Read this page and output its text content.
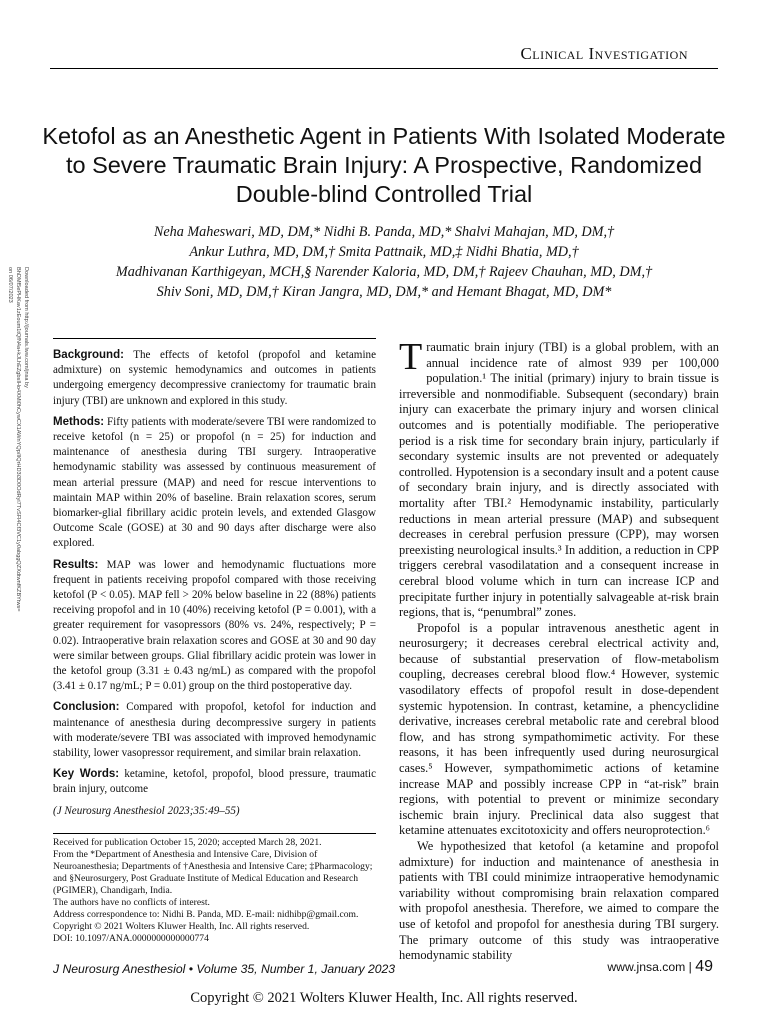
Clinical Investigation
Ketofol as an Anesthetic Agent in Patients With Isolated Moderate to Severe Traumatic Brain Injury: A Prospective, Randomized Double-blind Controlled Trial
Neha Maheswari, MD, DM,* Nidhi B. Panda, MD,* Shalvi Mahajan, MD, DM,†
Ankur Luthra, MD, DM,† Smita Pattnaik, MD,‡ Nidhi Bhatia, MD,†
Madhivanan Karthigeyan, MCH,§ Narender Kaloria, MD, DM,† Rajeev Chauhan, MD, DM,†
Shiv Soni, MD, DM,† Kiran Jangra, MD, DM,* and Hemant Bhagat, MD, DM*
Downloaded from http://journals.lww.com/jnsa by BhDMf5ePHKav1zEoum1tQfN4a+kJLhEZgbsIHo4XMi0hCywCX1AWnYQp/IlQrHD3i3D0OdRyi7TvSFl4Cf3VC1y0abggQZXdtwnfKZBYtws= on 06/07/2023

Background: The effects of ketofol (propofol and ketamine admixture) on systemic hemodynamics and outcomes in patients undergoing emergency decompressive craniectomy for traumatic brain injury (TBI) are unknown and explored in this study.

Methods: Fifty patients with moderate/severe TBI were randomized to receive ketofol (n = 25) or propofol (n = 25) for induction and maintenance of anesthesia during TBI surgery. Intraoperative hemodynamic stability was assessed by continuous measurement of mean arterial pressure (MAP) and need for rescue interventions to maintain MAP within 20% of baseline. Brain relaxation scores, serum biomarker-glial fibrillary acidic protein levels, and extended Glasgow Outcome Scale (GOSE) at 30 and 90 days after discharge were also explored.

Results: MAP was lower and hemodynamic fluctuations more frequent in patients receiving propofol compared with those receiving ketofol (P < 0.05). MAP fell > 20% below baseline in 22 (88%) patients receiving propofol and in 10 (40%) receiving ketofol (P = 0.001), with a greater requirement for vasopressors (80% vs. 24%, respectively; P = 0.02). Intraoperative brain relaxation scores and GOSE at 30 and 90 day were similar between groups. Glial fibrillary acidic protein was lower in the ketofol group (3.31 ± 0.43 ng/mL) as compared with the propofol (3.41 ± 0.17 ng/mL; P = 0.01) group on the third postoperative day.

Conclusion: Compared with propofol, ketofol for induction and maintenance of anesthesia during decompressive surgery in patients with moderate/severe TBI was associated with improved hemodynamic stability, lower vasopressor requirement, and similar brain relaxation.

Key Words: ketamine, ketofol, propofol, blood pressure, traumatic brain injury, outcome

(J Neurosurg Anesthesiol 2023;35:49–55)

Received for publication October 15, 2020; accepted March 28, 2021.
From the *Department of Anesthesia and Intensive Care, Division of Neuroanesthesia; Departments of †Anesthesia and Intensive Care; ‡Pharmacology; and §Neurosurgery, Post Graduate Institute of Medical Education and Research (PGIMER), Chandigarh, India.
The authors have no conflicts of interest.
Address correspondence to: Nidhi B. Panda, MD. E-mail: nidhibp@gmail.com.
Copyright © 2021 Wolters Kluwer Health, Inc. All rights reserved.
DOI: 10.1097/ANA.0000000000000774

Traumatic brain injury (TBI) is a global problem, with an annual incidence rate of almost 939 per 100,000 population.¹ The initial (primary) injury to brain tissue is irreversible and nonmodifiable. Subsequent (secondary) brain injury can exacerbate the primary injury and worsen clinical outcomes and is potentially modifiable. The perioperative period is a risk time for secondary brain injury, particularly if secondary systemic insults are not prevented or adequately controlled. Hypotension is a secondary insult and a potent cause of secondary brain injury, and is directly associated with mortality after TBI.² Hemodynamic instability, particularly reductions in mean arterial pressure (MAP) and subsequent decreases in cerebral perfusion pressure (CPP), may worsen preexisting neurological insults.³ In addition, a reduction in CPP triggers cerebral vasodilatation and a consequent increase in cerebral blood volume which in turn can increase ICP and precipitate further injury in potentially salvageable at-risk brain regions, that is, “penumbral” zones.

Propofol is a popular intravenous anesthetic agent in neurosurgery; it decreases cerebral electrical activity and, because of substantial preservation of flow-metabolism coupling, decreases cerebral blood flow.⁴ However, systemic vasodilatory effects of propofol result in dose-dependent systemic hypotension. In contrast, ketamine, a phencyclidine derivative, increases cerebral metabolic rate and cerebral blood flow, and has strong sympathomimetic activity. For these reasons, it has been infrequently used during neurosurgical cases.⁵ However, sympathomimetic actions of ketamine increase MAP and possibly increase CPP in “at-risk” brain regions, with potential to prevent or minimize secondary ischemic brain injury. Preclinical data also suggest that ketamine attenuates excitotoxicity and offers neuroprotection.⁶

We hypothesized that ketofol (a ketamine and propofol admixture) for induction and maintenance of anesthesia in patients with TBI could minimize intraoperative hemodynamic variability without compromising brain relaxation compared with propofol anesthesia. Therefore, we aimed to compare the use of ketofol and propofol for anesthesia during TBI surgery. The primary outcome of this study was intraoperative hemodynamic stability

J Neurosurg Anesthesiol • Volume 35, Number 1, January 2023	www.jnsa.com | 49
Copyright © 2021 Wolters Kluwer Health, Inc. All rights reserved.
